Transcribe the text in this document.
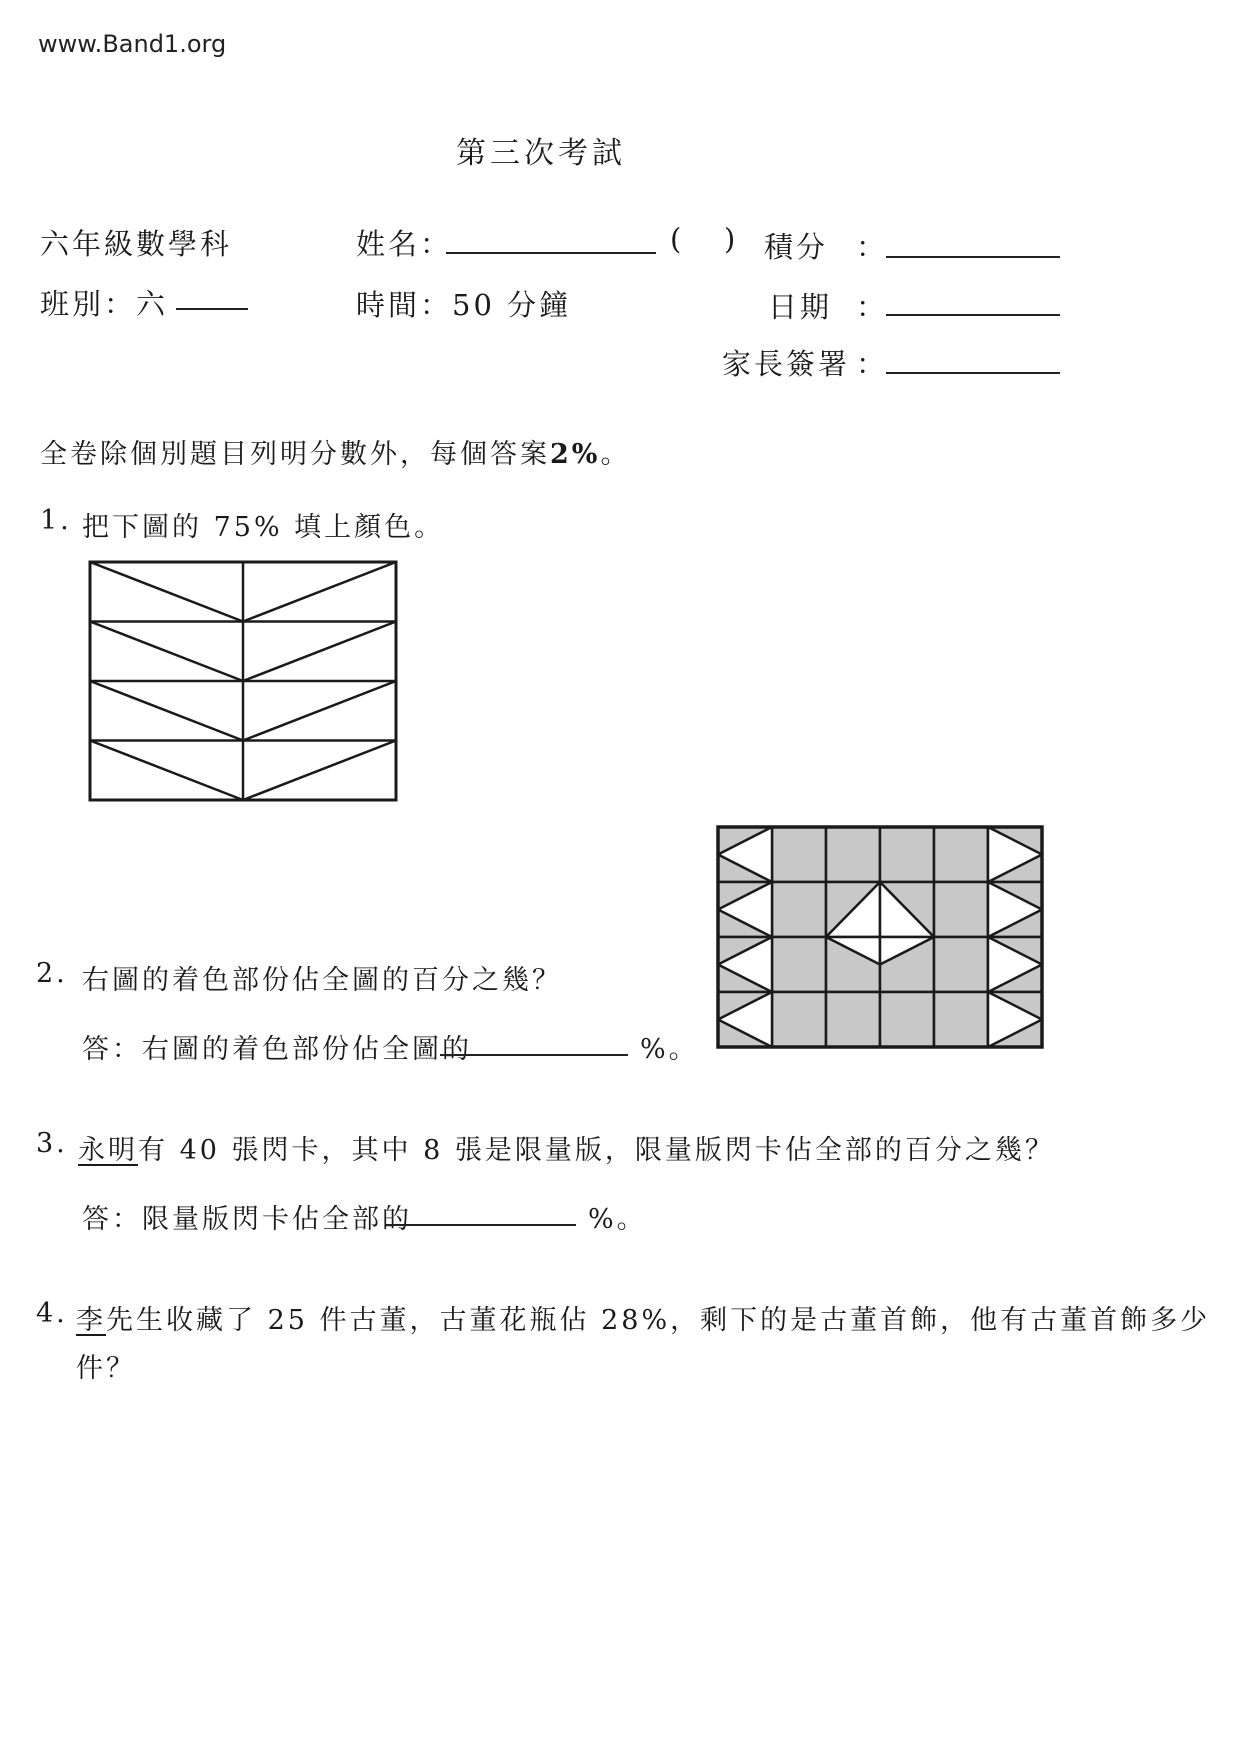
www.Band1.org
第三次考試
六年級數學科	姓名：	( ) 積分 ：
班別：六	時間：50 分鐘	日期 ：
家長簽署 ：
全卷除個別題目列明分數外，每個答案2%。
1. 把下圖的 75% 填上顏色。
2. 右圖的着色部份佔全圖的百分之幾？
答：右圖的着色部份佔全圖的	%。
3. 永明有 40 張閃卡，其中 8 張是限量版，限量版閃卡佔全部的百分之幾？
答：限量版閃卡佔全部的	%。
4. 李先生收藏了 25 件古董，古董花瓶佔 28%，剩下的是古董首飾，他有古董首飾多少
件？
